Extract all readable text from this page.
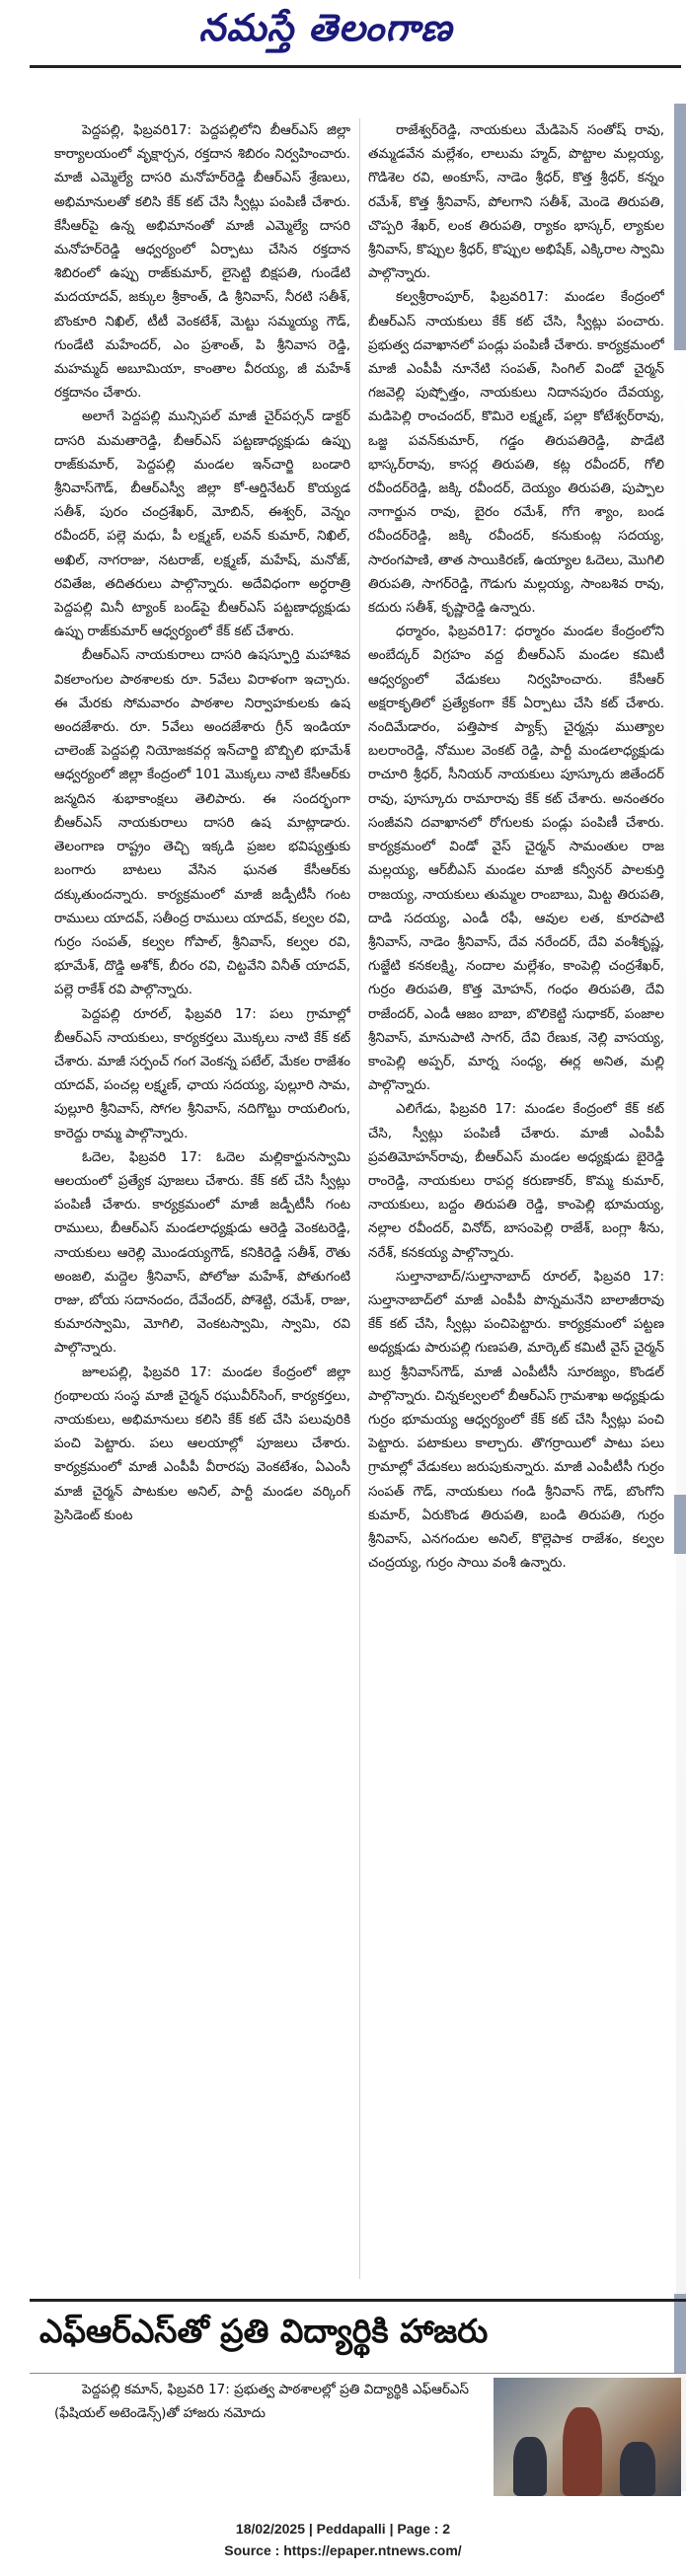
నమస్తే తెలంగాణ

పెద్దపల్లి, ఫిబ్రవరి17: పెద్దపల్లిలోని బీఆర్‌ఎస్ జిల్లా కార్యాలయంలో వృక్షార్చన, రక్తదాన శిబిరం నిర్వహించారు. మాజీ ఎమ్మెల్యే దాసరి మనోహర్‌రెడ్డి బీఆర్‌ఎస్ శ్రేణులు, అభిమానులతో కలిసి కేక్ కట్ చేసి స్వీట్లు పంపిణీ చేశారు. కేసీఆర్‌పై ఉన్న అభిమానంతో మాజీ ఎమ్మెల్యే దాసరి మనోహర్‌రెడ్డి ఆధ్వర్యంలో ఏర్పాటు చేసిన రక్తదాన శిబిరంలో ఉప్పు రాజ్‌కుమార్, లైసెట్టి బిక్షపతి, గుండేటి మదయాదవ్, జక్కుల శ్రీకాంత్, డి శ్రీనివాస్, నీరటి సతీశ్, బొంకూరి నిఖిల్, టీటీ వెంకటేశ్, మెట్టు సమ్మయ్య గౌడ్, గుండేటి మహేందర్, ఎం ప్రశాంత్, పి శ్రీనివాస రెడ్డి, మహమ్మద్ అబూమియా, కాంతాల వీరయ్య, జీ మహేశ్ రక్తదానం చేశారు.

అలాగే పెద్దపల్లి మున్సిపల్ మాజీ చైర్‌పర్సన్ డాక్టర్ దాసరి మమతారెడ్డి, బీఆర్‌ఎస్ పట్టణాధ్యక్షుడు ఉప్పు రాజ్‌కుమార్, పెద్దపల్లి మండల ఇన్‌చార్జి బండారి శ్రీనివాస్‌గౌడ్, బీఆర్‌ఎస్వీ జిల్లా కో-ఆర్డినేటర్ కొయ్యడ సతీశ్, పురం చంద్రశేఖర్, మోబిన్, ఈశ్వర్, వెన్నం రవీందర్, పల్లె మధు, పీ లక్ష్మణ్, లవన్ కుమార్, నిఖిల్, అఖిల్, నాగరాజు, నటరాజ్, లక్ష్మణ్, మహేష్, మనోజ్, రవితేజ, తదితరులు పాల్గొన్నారు. అదేవిధంగా అర్ధరాత్రి పెద్దపల్లి మినీ ట్యాంక్ బండ్‌పై బీఆర్‌ఎస్ పట్టణాధ్యక్షుడు ఉప్పు రాజ్‌కుమార్ ఆధ్వర్యంలో కేక్ కట్ చేశారు.

బీఆర్‌ఎస్ నాయకురాలు దాసరి ఉషస్ఫూర్తి మహాశివ వికలాంగుల పాఠశాలకు రూ. 5వేలు విరాళంగా ఇచ్చారు. ఈ మేరకు సోమవారం పాఠశాల నిర్వాహకులకు ఉష అందజేశారు. రూ. 5వేలు అందజేశారు గ్రీన్ ఇండియా చాలెంజ్ పెద్దపల్లి నియోజకవర్గ ఇన్‌చార్జి బొబ్బిలి భూమేశ్ ఆధ్వర్యంలో జిల్లా కేంద్రంలో 101 మొక్కలు నాటి కేసీఆర్‌కు జన్మదిన శుభాకాంక్షలు తెలిపారు. ఈ సందర్భంగా బీఆర్‌ఎస్ నాయకురాలు దాసరి ఉష మాట్లాడారు. తెలంగాణ రాష్ట్రం తెచ్చి ఇక్కడి ప్రజల భవిష్యత్తుకు బంగారు బాటలు వేసిన ఘనత కేసీఆర్‌కు దక్కుతుందన్నారు. కార్యక్రమంలో మాజీ జడ్పీటీసీ గంట రాములు యాదవ్, సతీంద్ర రాములు యాదవ్, కల్వల రవి, గుర్రం సంపత్, కల్వల గోపాల్, శ్రీనివాస్, కల్వల రవి, భూమేశ్, దొడ్డి అశోక్, బీరం రవి, చిట్టవేని వినీత్ యాదవ్, పల్లె రాకేశ్ రవి పాల్గొన్నారు.

పెద్దపల్లి రూరల్, ఫిబ్రవరి 17: పలు గ్రామాల్లో బీఆర్‌ఎస్ నాయకులు, కార్యకర్తలు మొక్కలు నాటి కేక్ కట్ చేశారు. మాజీ సర్పంచ్ గంగ వెంకన్న పటేల్, మేకల రాజేశం యాదవ్, పంచల్ల లక్ష్మణ్, ఛాయ సదయ్య, పుల్లూరి సామ, పుల్లూరి శ్రీనివాస్, సోగల శ్రీనివాస్, నదిగొట్టు రాయలింగు, కారెద్దు రామ్మ పాల్గొన్నారు.

ఓదెల, ఫిబ్రవరి 17: ఓదెల మల్లికార్జునస్వామి ఆలయంలో ప్రత్యేక పూజలు చేశారు. కేక్ కట్ చేసి స్వీట్లు పంపిణీ చేశారు. కార్యక్రమంలో మాజీ జడ్పీటీసీ గంట రాములు, బీఆర్‌ఎస్ మండలాధ్యక్షుడు ఆరెడ్డి వెంకటరెడ్డి, నాయకులు ఆరెల్లి మొండయ్యగౌడ్, కనికిరెడ్డి సతీశ్, రౌతు అంజలి, మద్దెల శ్రీనివాస్, పోలోజు మహేశ్, పోతుగంటి రాజు, బోయ సదానందం, దేవేందర్, పోశెట్టి, రమేశ్, రాజు, కుమారస్వామి, మోగిలి, వెంకటస్వామి, స్వామి, రవి పాల్గొన్నారు.

జూలపల్లి, ఫిబ్రవరి 17: మండల కేంద్రంలో జిల్లా గ్రంథాలయ సంస్థ మాజీ చైర్మన్ రఘువీర్‌సింగ్, కార్యకర్తలు, నాయకులు, అభిమానులు కలిసి కేక్ కట్ చేసి పలువురికి పంచి పెట్టారు. పలు ఆలయాల్లో పూజలు చేశారు. కార్యక్రమంలో మాజీ ఎంపీపీ వీరారపు వెంకటేశం, ఏఎంసీ మాజీ చైర్మన్ పాటకుల అనిల్, పార్టీ మండల వర్కింగ్ ప్రెసిడెంట్ కుంట

రాజేశ్వర్‌రెడ్డి, నాయకులు మేడిపెన్ సంతోష్ రావు, తమ్మడవేన మల్లేశం, లాలుమ హ్మద్, పొట్టాల మల్లయ్య, గొడిశెల రవి, అంకూస్, నాడెం శ్రీధర్, కొత్త శ్రీధర్, కన్నం రమేశ్, కొత్త శ్రీనివాస్, పోలగాని సతీశ్, మెండె తిరుపతి, చొప్పరి శేఖర్, లంక తిరుపతి, ర్యాకం భాస్కర్, ల్యాకుల శ్రీనివాస్, కొప్పుల శ్రీధర్, కొప్పుల అభిషేక్, ఎక్కిరాల స్వామి పాల్గొన్నారు.

కల్వశ్రీరాంపూర్, ఫిబ్రవరి17: మండల కేంద్రంలో బీఆర్‌ఎస్ నాయకులు కేక్ కట్ చేసి, స్వీట్లు పంచారు. ప్రభుత్వ దవాఖానలో పండ్లు పంపిణీ చేశారు. కార్యక్రమంలో మాజీ ఎంపీపీ నూనేటి సంపత్, సింగిల్ విండో చైర్మన్ గజవెల్లి పుష్పోత్తం, నాయకులు నిదానపురం దేవయ్య, మడిపెల్లి రాంచందర్, కొమిరె లక్ష్మణ్, పల్లా కోటేశ్వర్‌రావు, ఒజ్జ పవన్‌కుమార్, గడ్డం తిరుపతిరెడ్డి, పొడేటి భాస్కర్‌రావు, కాసర్ల తిరుపతి, కట్ల రవీందర్, గోలి రవీందర్‌రెడ్డి, జక్కి రవీందర్, దెయ్యం తిరుపతి, పుప్పాల నాగార్జున రావు, బైరం రమేశ్, గోగె శ్యాం, బండ రవీందర్‌రెడ్డి, జక్కి రవీందర్, కనుకుంట్ల సదయ్య, సారంగపాణి, తాత సాయికిరణ్, ఉయ్యాల ఓదెలు, మొగిలి తిరుపతి, సాగర్‌రెడ్డి, గౌడుగు మల్లయ్య, సాంబశివ రావు, కదురు సతీశ్, కృష్ణారెడ్డి ఉన్నారు.

ధర్మారం, ఫిబ్రవరి17: ధర్మారం మండల కేంద్రంలోని అంబేద్కర్ విగ్రహం వద్ద బీఆర్‌ఎస్ మండల కమిటీ ఆధ్వర్యంలో వేడుకలు నిర్వహించారు. కేసీఆర్ అక్షరాకృతిలో ప్రత్యేకంగా కేక్ ఏర్పాటు చేసి కట్ చేశారు. నందిమేడారం, పత్తిపాక ప్యాక్స్ చైర్మన్లు ముత్యాల బలరాంరెడ్డి, నోముల వెంకట్ రెడ్డి, పార్టీ మండలాధ్యక్షుడు రాచూరి శ్రీధర్, సీనియర్ నాయకులు పూస్కూరు జితేందర్ రావు, పూస్కూరు రామారావు కేక్ కట్ చేశారు. అనంతరం సంజీవని దవాఖానలో రోగులకు పండ్లు పంపిణీ చేశారు. కార్యక్రమంలో విండో వైస్ చైర్మన్ సామంతుల రాజ మల్లయ్య, ఆర్‌బీఎస్ మండల మాజీ కన్వీనర్ పాలకుర్తి రాజయ్య, నాయకులు తుమ్మల రాంబాబు, మిట్ట తిరుపతి, దాడి సదయ్య, ఎండీ రఫీ, ఆవుల లత, కూరపాటి శ్రీనివాస్, నాడెం శ్రీనివాస్, దేవ నరేందర్, దేవి వంశీకృష్ణ, గుజ్జేటి కనకలక్ష్మి, నందాల మల్లేశం, కాంపెల్లి చంద్రశేఖర్, గుర్రం తిరుపతి, కొత్త మోహన్, గంధం తిరుపతి, దేవి రాజేందర్, ఎండీ ఆజం బాబా, బొలికెట్టి సుధాకర్, పంజాల శ్రీనివాస్, మానుపాటి సాగర్, దేవి రేణుక, నెల్లి వాసయ్య, కాంపెల్లి అప్పర్, మార్న సంధ్య, ఈర్ల అనిత, మల్లి పాల్గొన్నారు.

ఎలిగేడు, ఫిబ్రవరి 17: మండల కేంద్రంలో కేక్ కట్ చేసి, స్వీట్లు పంపిణీ చేశారు. మాజీ ఎంపీపీ ప్రవతిమోహన్‌రావు, బీఆర్‌ఎస్ మండల అధ్యక్షుడు బైరెడ్డి రాంరెడ్డి, నాయకులు రాపర్ల కరుణాకర్, కొమ్మ కుమార్, నాయకులు, బద్దం తిరుపతి రెడ్డి, కాంపెల్లి భూమయ్య, నల్లాల రవీందర్, వినోద్, బాసంపెల్లి రాజేశ్, బంగ్లా శీను, నరేశ్, కనకయ్య పాల్గొన్నారు.

సుల్తానాబాద్/సుల్తానాబాద్ రూరల్, ఫిబ్రవరి 17: సుల్తానాబాద్‌లో మాజీ ఎంపీపీ పొన్నమనేని బాలాజీరావు కేక్ కట్ చేసి, స్వీట్లు పంచిపెట్టారు. కార్యక్రమంలో పట్టణ అధ్యక్షుడు పారుపల్లి గుణపతి, మార్కెట్ కమిటీ వైస్ చైర్మన్ బుర్ర శ్రీనివాస్‌గౌడ్, మాజీ ఎంపీటీసీ సూరజ్యం, కొండల్ పాల్గొన్నారు. చిన్నకల్వలలో బీఆర్‌ఎస్ గ్రామశాఖ అధ్యక్షుడు గుర్రం భూమయ్య ఆధ్వర్యంలో కేక్ కట్ చేసి స్వీట్లు పంచి పెట్టారు. పటాకులు కాల్చారు. తొగర్రాయిలో పాటు పలు గ్రామాల్లో వేడుకలు జరుపుకున్నారు. మాజీ ఎంపీటీసీ గుర్రం సంపత్ గౌడ్, నాయకులు గండి శ్రీనివాస్ గౌడ్, బొంగోని కుమార్, ఏరుకొండ తిరుపతి, బండి తిరుపతి, గుర్రం శ్రీనివాస్, ఎనగందుల అనిల్, కొల్లెపాక రాజేశం, కల్వల చంద్రయ్య, గుర్రం సాయి వంశీ ఉన్నారు.

ఎఫ్‌ఆర్‌ఎస్‌తో ప్రతి విద్యార్థికి హాజరు

పెద్దపల్లి కమాన్, ఫిబ్రవరి 17: ప్రభుత్వ పాఠశాలల్లో ప్రతి విద్యార్థికి ఎఫ్‌ఆర్‌ఎస్ (ఫేషియల్ అటెండెన్స్)తో హాజరు నమోదు

18/02/2025 | Peddapalli | Page : 2
Source : https://epaper.ntnews.com/
